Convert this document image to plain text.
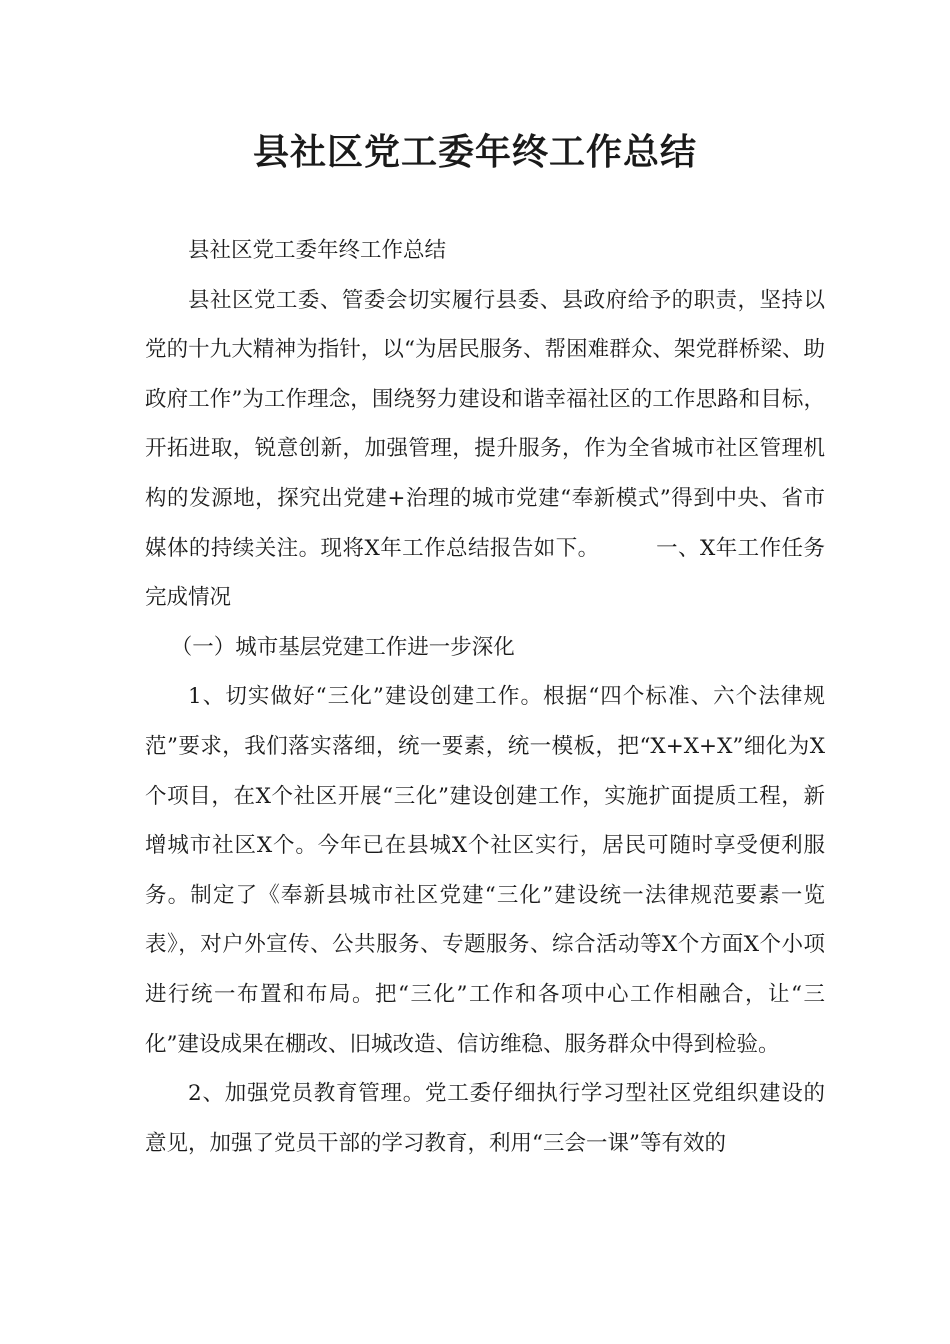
县社区党工委年终工作总结

县社区党工委年终工作总结

县社区党工委、管委会切实履行县委、县政府给予的职责，坚持以党的十九大精神为指针，以“为居民服务、帮困难群众、架党群桥梁、助政府工作”为工作理念，围绕努力建设和谐幸福社区的工作思路和目标，开拓进取，锐意创新，加强管理，提升服务，作为全省城市社区管理机构的发源地，探究出党建+治理的城市党建“奉新模式”得到中央、省市媒体的持续关注。现将X年工作总结报告如下。	一、X年工作任务完成情况

（一）城市基层党建工作进一步深化

1、切实做好“三化”建设创建工作。根据“四个标准、六个法律规范”要求，我们落实落细，统一要素，统一模板，把“X+X+X”细化为X个项目，在X个社区开展“三化”建设创建工作，实施扩面提质工程，新增城市社区X个。今年已在县城X个社区实行，居民可随时享受便利服务。制定了《奉新县城市社区党建“三化”建设统一法律规范要素一览表》，对户外宣传、公共服务、专题服务、综合活动等X个方面X个小项进行统一布置和布局。把“三化”工作和各项中心工作相融合，让“三化”建设成果在棚改、旧城改造、信访维稳、服务群众中得到检验。

2、加强党员教育管理。党工委仔细执行学习型社区党组织建设的意见，加强了党员干部的学习教育，利用“三会一课”等有效的
